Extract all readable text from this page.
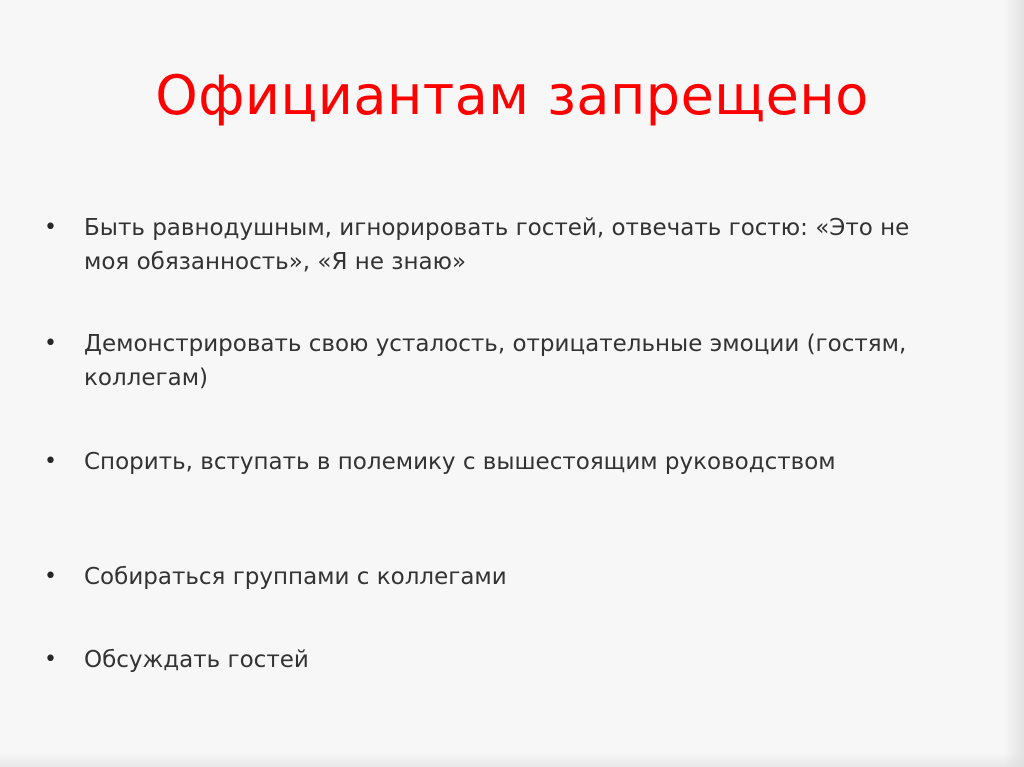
Официантам запрещено
•	Быть равнодушным, игнорировать гостей, отвечать гостю: «Это не моя обязанность», «Я не знаю»
•	Демонстрировать свою усталость, отрицательные эмоции (гостям, коллегам)
•	Спорить, вступать в полемику с вышестоящим руководством
•	Собираться группами с коллегами
•	Обсуждать гостей
